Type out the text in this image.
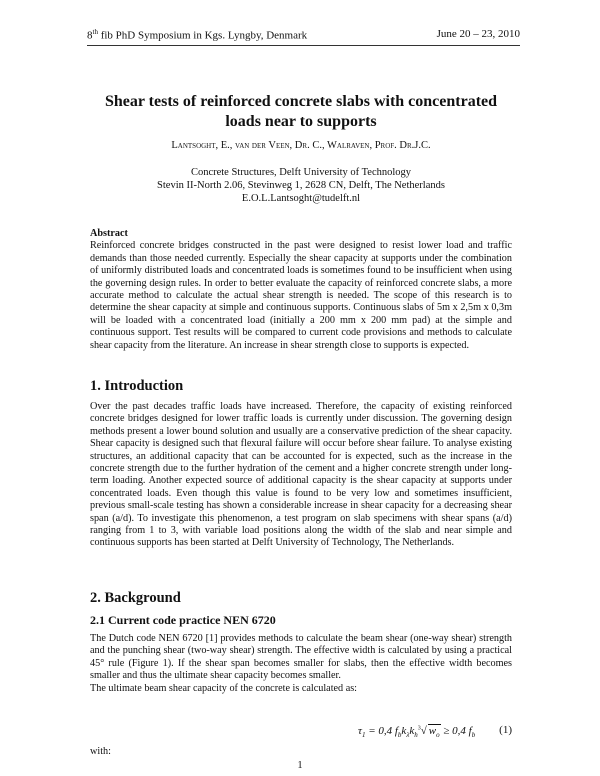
8th fib PhD Symposium in Kgs. Lyngby, Denmark	June 20 – 23, 2010
Shear tests of reinforced concrete slabs with concentrated
loads near to supports
Lantsoght, E., van der Veen, Dr. C., Walraven, Prof. Dr.J.C.
Concrete Structures, Delft University of Technology
Stevin II-North 2.06, Stevinweg 1, 2628 CN, Delft, The Netherlands
E.O.L.Lantsoght@tudelft.nl
Abstract
Reinforced concrete bridges constructed in the past were designed to resist lower load and traffic demands than those needed currently. Especially the shear capacity at supports under the combination of uniformly distributed loads and concentrated loads is sometimes found to be insufficient when using the governing design rules. In order to better evaluate the capacity of reinforced concrete slabs, a more accurate method to calculate the actual shear strength is needed. The scope of this research is to determine the shear capacity at simple and continuous supports. Continuous slabs of 5m x 2,5m x 0,3m will be loaded with a concentrated load (initially a 200 mm x 200 mm pad) at the simple and continuous support. Test results will be compared to current code provisions and methods to calculate shear capacity from the literature. An increase in shear strength close to supports is expected.
1. Introduction
Over the past decades traffic loads have increased. Therefore, the capacity of existing reinforced concrete bridges designed for lower traffic loads is currently under discussion. The governing design methods present a lower bound solution and usually are a conservative prediction of the shear capacity. Shear capacity is designed such that flexural failure will occur before shear failure. To analyse existing structures, an additional capacity that can be accounted for is expected, such as the increase in the concrete strength due to the further hydration of the cement and a higher concrete strength under long-term loading. Another expected source of additional capacity is the shear capacity at supports under concentrated loads. Even though this value is found to be very low and sometimes insufficient, previous small-scale testing has shown a considerable increase in shear capacity for a decreasing shear span (a/d). To investigate this phenomenon, a test program on slab specimens with shear spans (a/d) ranging from 1 to 3, with variable load positions along the width of the slab and near simple and continuous supports has been started at Delft University of Technology, The Netherlands.
2. Background
2.1 Current code practice NEN 6720
The Dutch code NEN 6720 [1] provides methods to calculate the beam shear (one-way shear) strength and the punching shear (two-way shear) strength. The effective width is calculated by using a practical 45° rule (Figure 1). If the shear span becomes smaller for slabs, then the effective width becomes smaller and thus the ultimate shear capacity becomes smaller.
The ultimate beam shear capacity of the concrete is calculated as:
$\tau_1 = 0,4$ $f_bk_\lambda k_h^3√$ $w_o \ge 0,4$ $f_b$ (1)
with:
1
